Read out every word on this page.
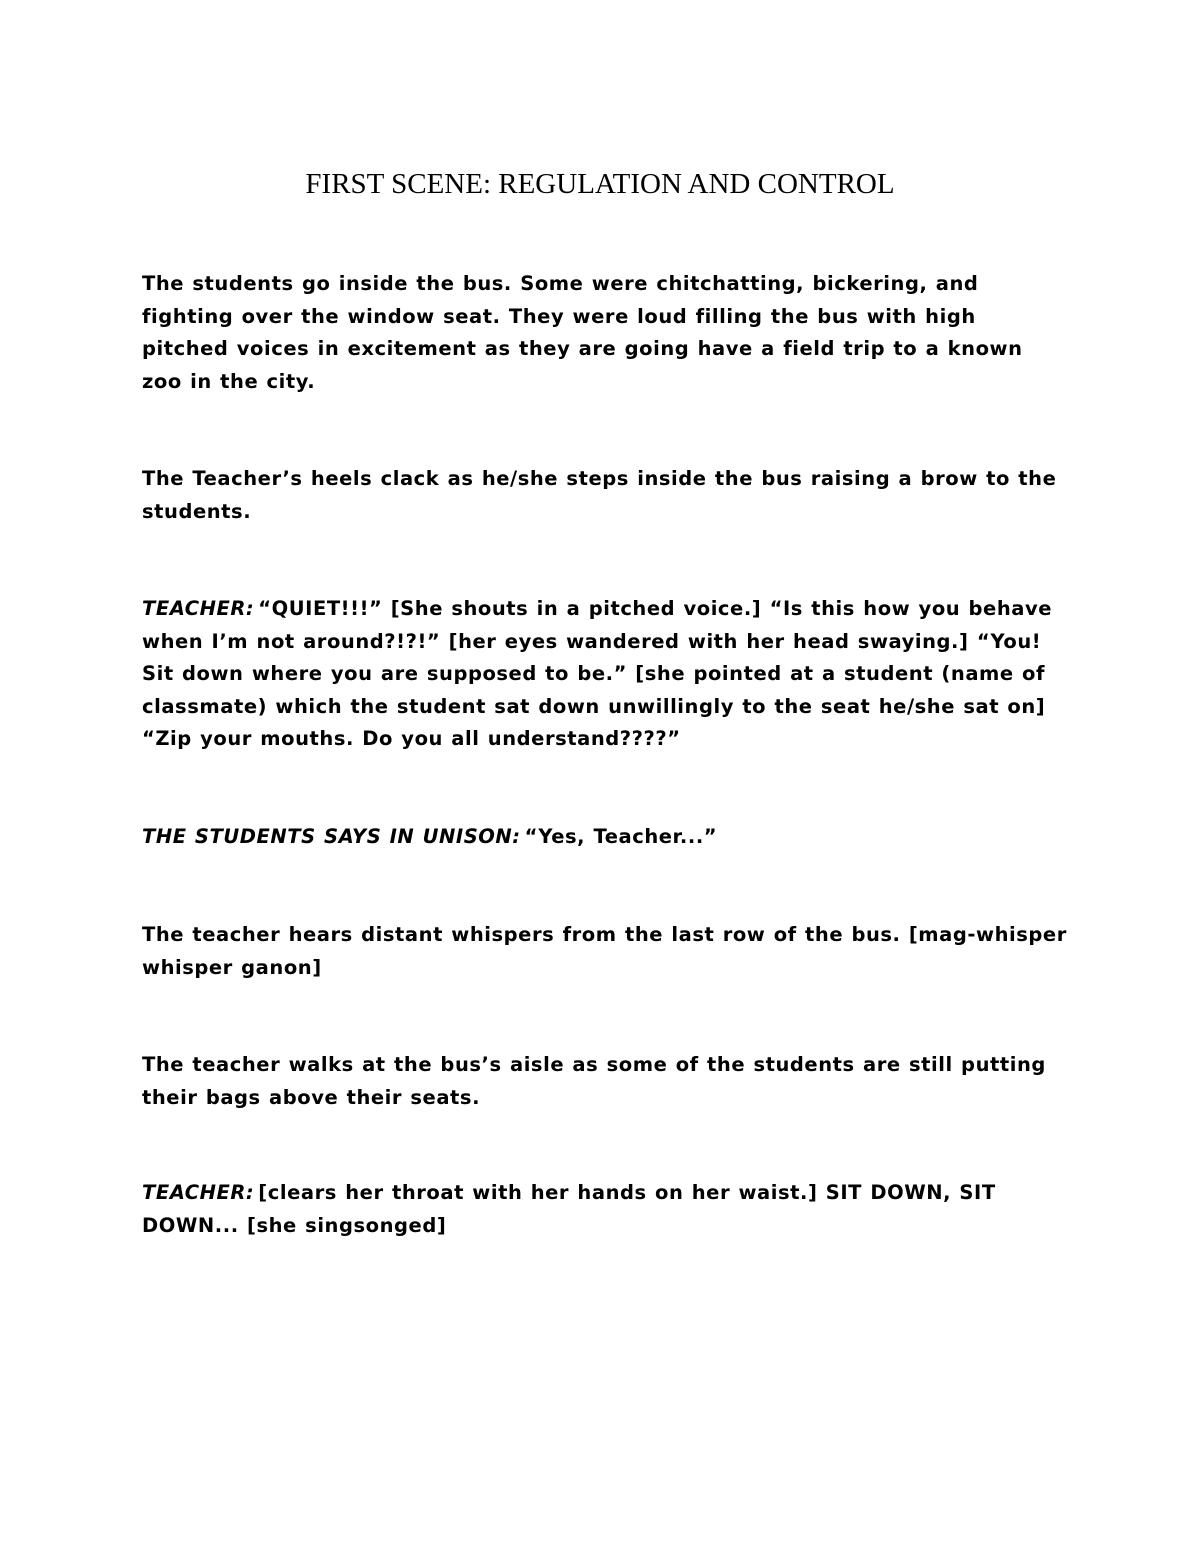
FIRST SCENE: REGULATION AND CONTROL

The students go inside the bus. Some were chitchatting, bickering, and fighting over the window seat. They were loud filling the bus with high pitched voices in excitement as they are going have a field trip to a known zoo in the city.

The Teacher’s heels clack as he/she steps inside the bus raising a brow to the students.

TEACHER: “QUIET!!!” [She shouts in a pitched voice.] “Is this how you behave when I’m not around?!?!” [her eyes wandered with her head swaying.] “You! Sit down where you are supposed to be.” [she pointed at a student (name of classmate) which the student sat down unwillingly to the seat he/she sat on] “Zip your mouths. Do you all understand????”

THE STUDENTS SAYS IN UNISON: “Yes, Teacher...”

The teacher hears distant whispers from the last row of the bus. [mag-whisper whisper ganon]

The teacher walks at the bus’s aisle as some of the students are still putting their bags above their seats.

TEACHER: [clears her throat with her hands on her waist.] SIT DOWN, SIT DOWN... [she singsonged]
